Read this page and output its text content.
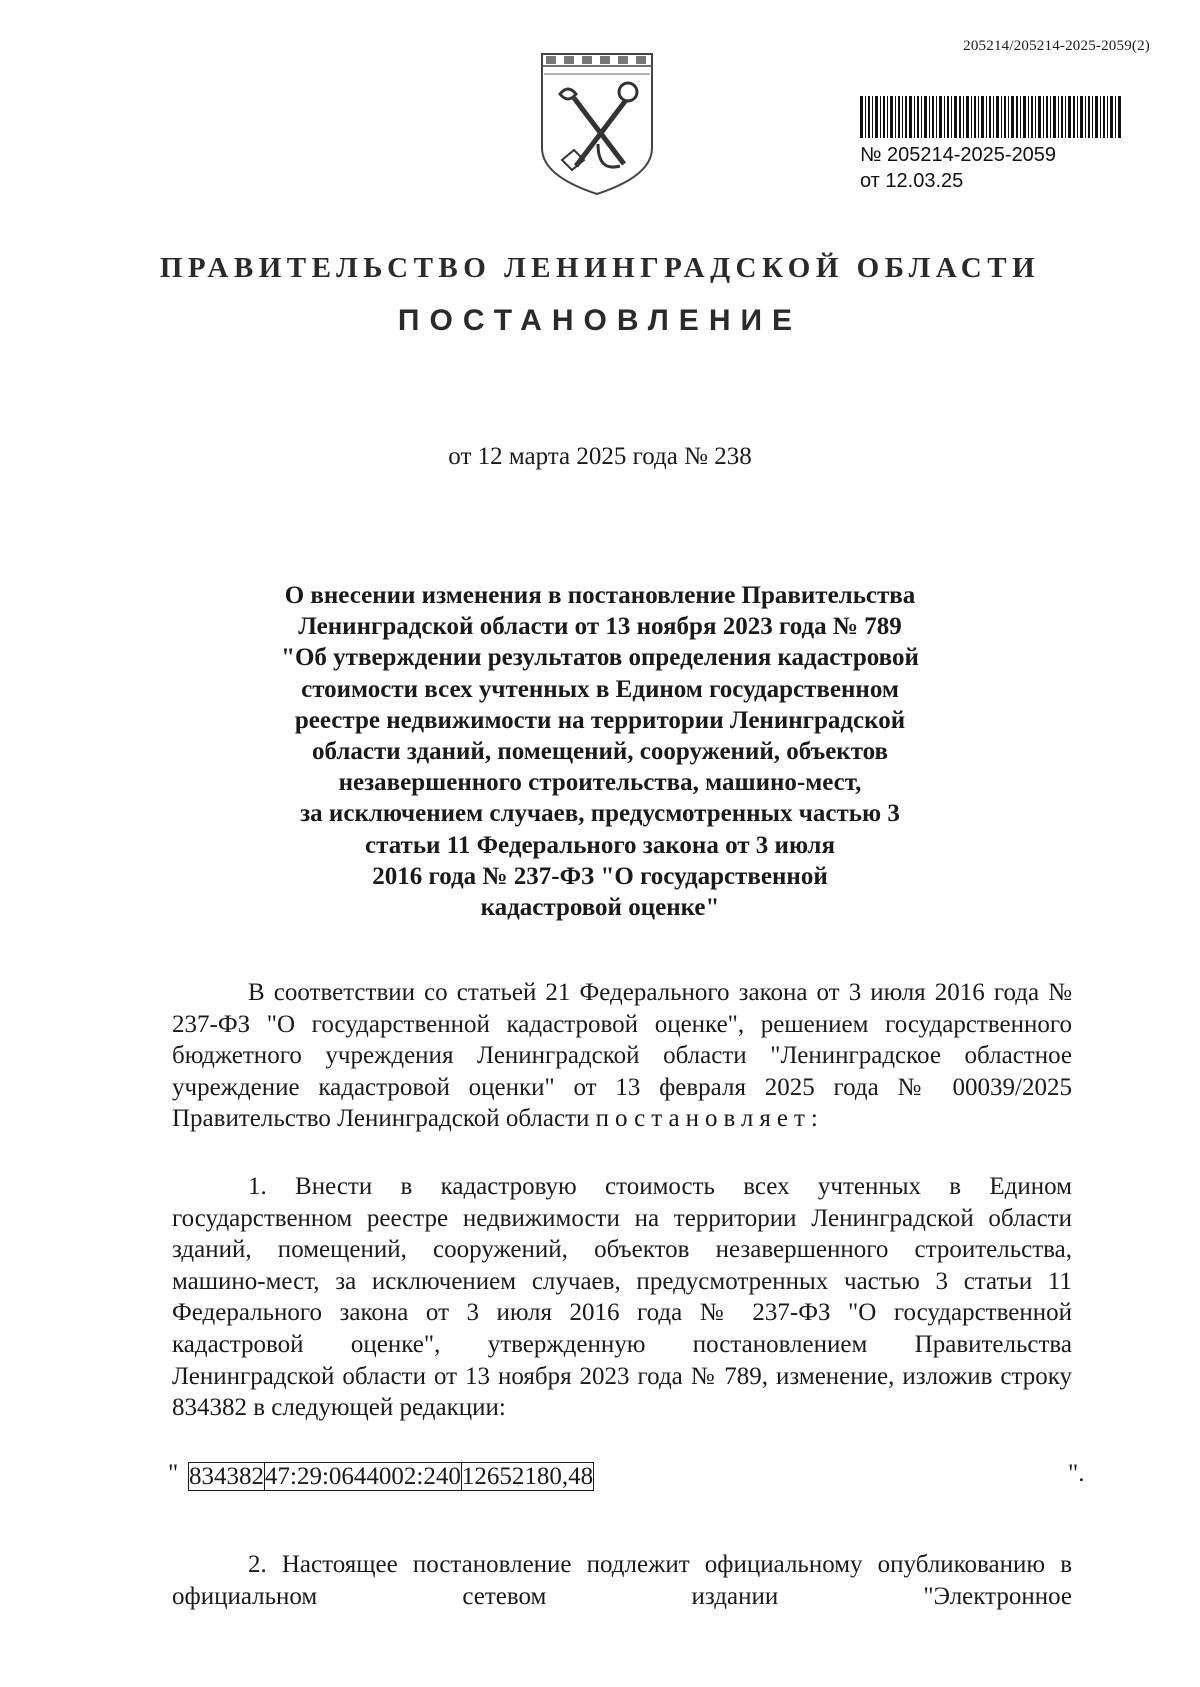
205214/205214-2025-2059(2)
№ 205214-2025-2059
от 12.03.25
ПРАВИТЕЛЬСТВО ЛЕНИНГРАДСКОЙ ОБЛАСТИ
ПОСТАНОВЛЕНИЕ
от 12 марта 2025 года № 238
О внесении изменения в постановление Правительства
Ленинградской области от 13 ноября 2023 года № 789
"Об утверждении результатов определения кадастровой
стоимости всех учтенных в Едином государственном
реестре недвижимости на территории Ленинградской
области зданий, помещений, сооружений, объектов
незавершенного строительства, машино-мест,
за исключением случаев, предусмотренных частью 3
статьи 11 Федерального закона от 3 июля
2016 года № 237-ФЗ "О государственной
кадастровой оценке"
В соответствии со статьей 21 Федерального закона от 3 июля 2016 года № 237-ФЗ "О государственной кадастровой оценке", решением государственного бюджетного учреждения Ленинградской области "Ленинградское областное учреждение кадастровой оценки" от 13 февраля 2025 года № 00039/2025 Правительство Ленинградской области постановляет:
1. Внести в кадастровую стоимость всех учтенных в Едином государственном реестре недвижимости на территории Ленинградской области зданий, помещений, сооружений, объектов незавершенного строительства, машино-мест, за исключением случаев, предусмотренных частью 3 статьи 11 Федерального закона от 3 июля 2016 года № 237-ФЗ "О государственной кадастровой оценке", утвержденную постановлением Правительства Ленинградской области от 13 ноября 2023 года № 789, изменение, изложив строку 834382 в следующей редакции:
" 834382	47:29:0644002:240	12652180,48	".
2. Настоящее постановление подлежит официальному опубликованию в официальном сетевом издании "Электронное
